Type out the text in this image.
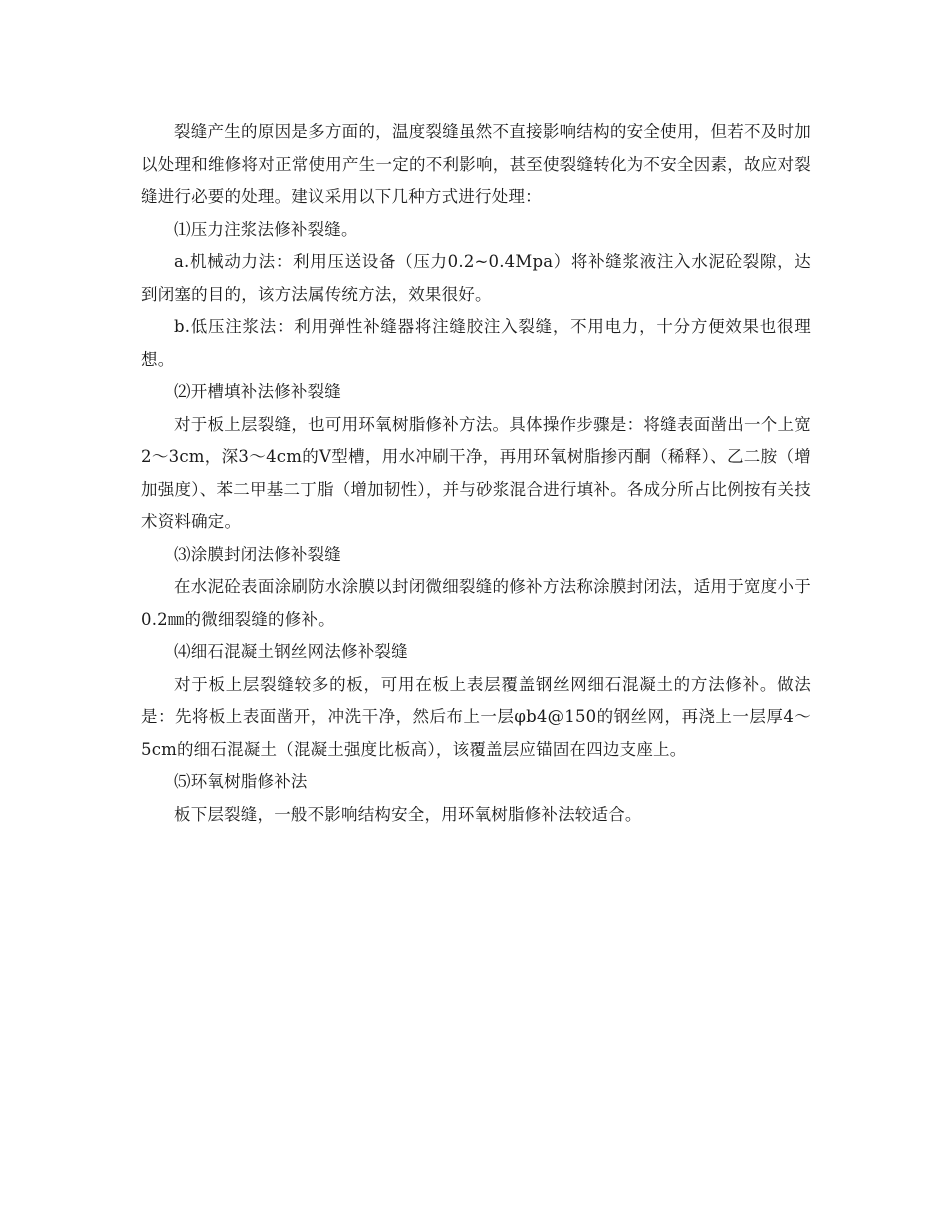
裂缝产生的原因是多方面的，温度裂缝虽然不直接影响结构的安全使用，但若不及时加以处理和维修将对正常使用产生一定的不利影响，甚至使裂缝转化为不安全因素，故应对裂缝进行必要的处理。建议采用以下几种方式进行处理：

⑴压力注浆法修补裂缝。

a.机械动力法：利用压送设备（压力0.2~0.4Mpa）将补缝浆液注入水泥砼裂隙，达到闭塞的目的，该方法属传统方法，效果很好。

b.低压注浆法：利用弹性补缝器将注缝胶注入裂缝，不用电力，十分方便效果也很理想。

⑵开槽填补法修补裂缝

对于板上层裂缝，也可用环氧树脂修补方法。具体操作步骤是：将缝表面凿出一个上宽2～3cm，深3～4cm的V型槽，用水冲刷干净，再用环氧树脂掺丙酮（稀释）、乙二胺（增加强度）、苯二甲基二丁脂（增加韧性），并与砂浆混合进行填补。各成分所占比例按有关技术资料确定。

⑶涂膜封闭法修补裂缝

在水泥砼表面涂刷防水涂膜以封闭微细裂缝的修补方法称涂膜封闭法，适用于宽度小于0.2㎜的微细裂缝的修补。

⑷细石混凝土钢丝网法修补裂缝

对于板上层裂缝较多的板，可用在板上表层覆盖钢丝网细石混凝土的方法修补。做法是：先将板上表面凿开，冲洗干净，然后布上一层φb4@150的钢丝网，再浇上一层厚4～5cm的细石混凝土（混凝土强度比板高），该覆盖层应锚固在四边支座上。

⑸环氧树脂修补法

板下层裂缝，一般不影响结构安全，用环氧树脂修补法较适合。
